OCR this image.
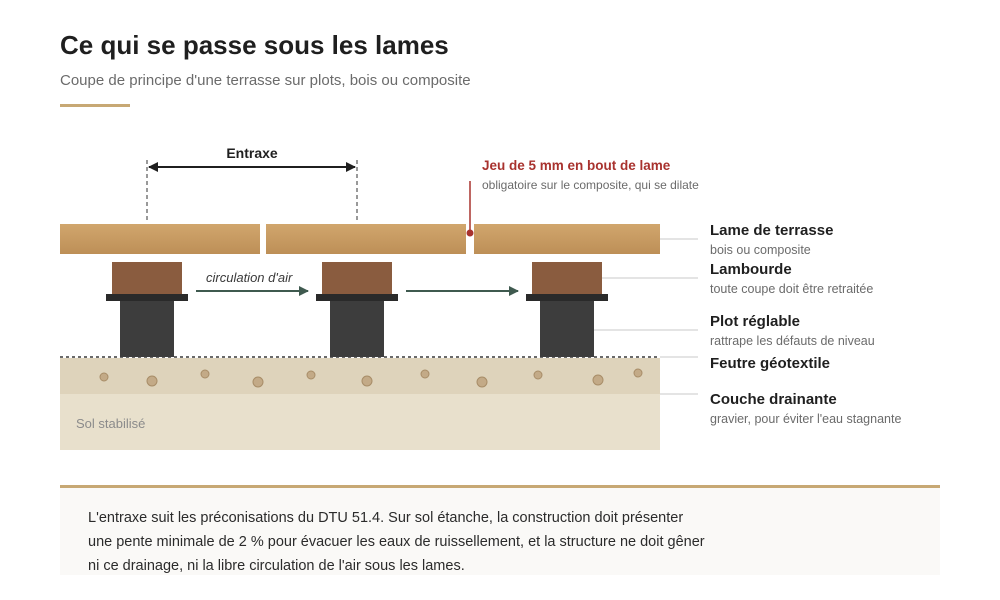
Ce qui se passe sous les lames

Coupe de principe d'une terrasse sur plots, bois ou composite

Sol stabilisé
circulation d'air
Entraxe
Jeu de 5 mm en bout de lame
obligatoire sur le composite, qui se dilate
Lame de terrasse
bois ou composite
Lambourde
toute coupe doit être retraitée
Plot réglable
rattrape les défauts de niveau
Feutre géotextile
Couche drainante
gravier, pour éviter l'eau stagnante
L'entraxe suit les préconisations du DTU 51.4. Sur sol étanche, la construction doit présenter
une pente minimale de 2 % pour évacuer les eaux de ruissellement, et la structure ne doit gêner
ni ce drainage, ni la libre circulation de l'air sous les lames.
